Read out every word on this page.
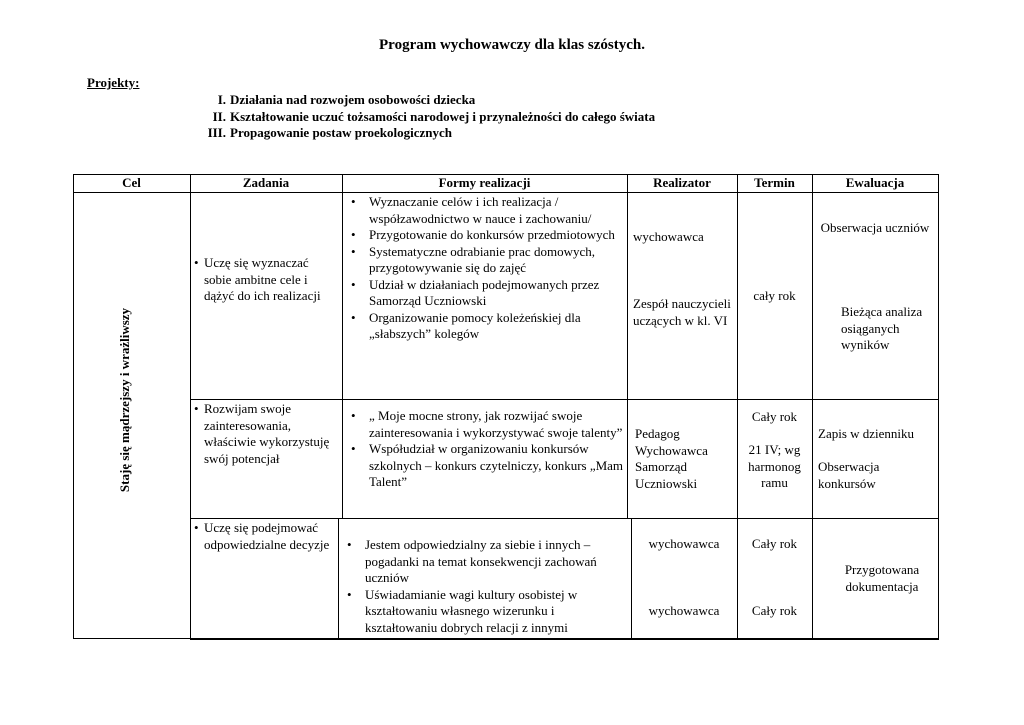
Program wychowawczy dla klas szóstych.
Projekty:
I. Działania nad rozwojem osobowości dziecka
II. Kształtowanie uczuć tożsamości narodowej i przynależności do całego świata
III. Propagowanie postaw proekologicznych
Cel	Zadania	Formy realizacji	Realizator	Termin	Ewaluacja
Staję się mądrzejszy i wrażliwszy
• Uczę się wyznaczać sobie ambitne cele i dążyć do ich realizacji
• Wyznaczanie celów i ich realizacja / współzawodnictwo w nauce i zachowaniu/
• Przygotowanie do konkursów przedmiotowych
• Systematyczne odrabianie prac domowych, przygotowywanie się do zajęć
• Udział w działaniach podejmowanych przez Samorząd Uczniowski
• Organizowanie pomocy koleżeńskiej dla „słabszych” kolegów
wychowawca
Zespół nauczycieli uczących w kl. VI
cały rok
Obserwacja uczniów
Bieżąca analiza osiąganych wyników
• Rozwijam swoje zainteresowania, właściwie wykorzystuję swój potencjał
• „ Moje mocne strony, jak rozwijać swoje zainteresowania i wykorzystywać swoje talenty”
• Współudział w organizowaniu konkursów szkolnych – konkurs czytelniczy, konkurs „Mam Talent”
Pedagog Wychowawca Samorząd Uczniowski
Cały rok
21 IV; wg harmonog ramu
Zapis w dzienniku
Obserwacja konkursów
• Uczę się podejmować odpowiedzialne decyzje
•	Jestem odpowiedzialny za siebie i innych – pogadanki na temat konsekwencji zachowań uczniów
• Uświadamianie wagi kultury osobistej w kształtowaniu własnego wizerunku i kształtowaniu dobrych relacji z innymi
wychowawca
wychowawca
Cały rok
Cały rok
Przygotowana dokumentacja
